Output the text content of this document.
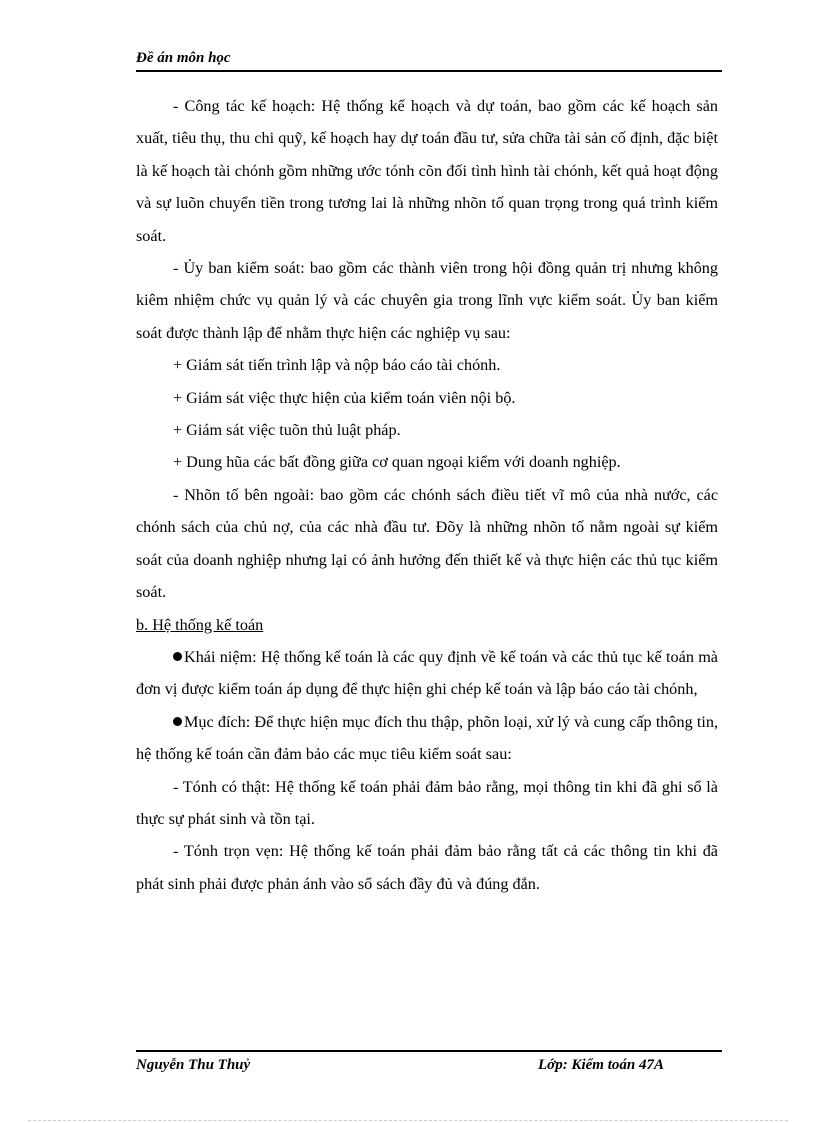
Đề án môn học

- Công tác kế hoạch: Hệ thống kế hoạch và dự toán, bao gồm các kế hoạch sản xuất, tiêu thụ, thu chi quỹ, kế hoạch hay dự toán đầu tư, sửa chữa tài sản cố định, đặc biệt là kế hoạch tài chónh gồm những ước tónh cõn đối tình hình tài chónh, kết quả hoạt động và sự luõn chuyển tiền trong tương lai là những nhõn tố quan trọng trong quá trình kiểm soát.

- Ủy ban kiểm soát: bao gồm các thành viên trong hội đồng quản trị nhưng không kiêm nhiệm chức vụ quản lý và các chuyên gia trong lĩnh vực kiểm soát. Ủy ban kiểm soát được thành lập để nhằm thực hiện các nghiệp vụ sau:

+ Giám sát tiến trình lập và nộp báo cáo tài chónh.

+ Giám sát việc thực hiện của kiểm toán viên nội bộ.

+ Giám sát việc tuõn thủ luật pháp.

+ Dung hũa các bất đồng giữa cơ quan ngoại kiểm với doanh nghiệp.

- Nhõn tố bên ngoài: bao gồm các chónh sách điều tiết vĩ mô của nhà nước, các chónh sách của chủ nợ, của các nhà đầu tư. Đõy là những nhõn tố nằm ngoài sự kiểm soát của doanh nghiệp nhưng lại có ảnh hưởng đến thiết kế và thực hiện các thủ tục kiểm soát.

b. Hệ thống kế toán

Khái niệm: Hệ thống kế toán là các quy định về kế toán và các thủ tục kế toán mà đơn vị được kiểm toán áp dụng để thực hiện ghi chép kế toán và lập báo cáo tài chónh,

Mục đích: Để thực hiện mục đích thu thập, phõn loại, xử lý và cung cấp thông tin, hệ thống kế toán cần đảm bảo các mục tiêu kiểm soát sau:

- Tónh có thật: Hệ thống kế toán phải đảm bảo rằng, mọi thông tin khi đã ghi sổ là thực sự phát sinh và tồn tại.

- Tónh trọn vẹn: Hệ thống kế toán phải đảm bảo rằng tất cả các thông tin khi đã phát sinh phải được phản ánh vào sổ sách đầy đủ và đúng đắn.

Nguyễn Thu Thuỷ	Lớp: Kiểm toán 47A
